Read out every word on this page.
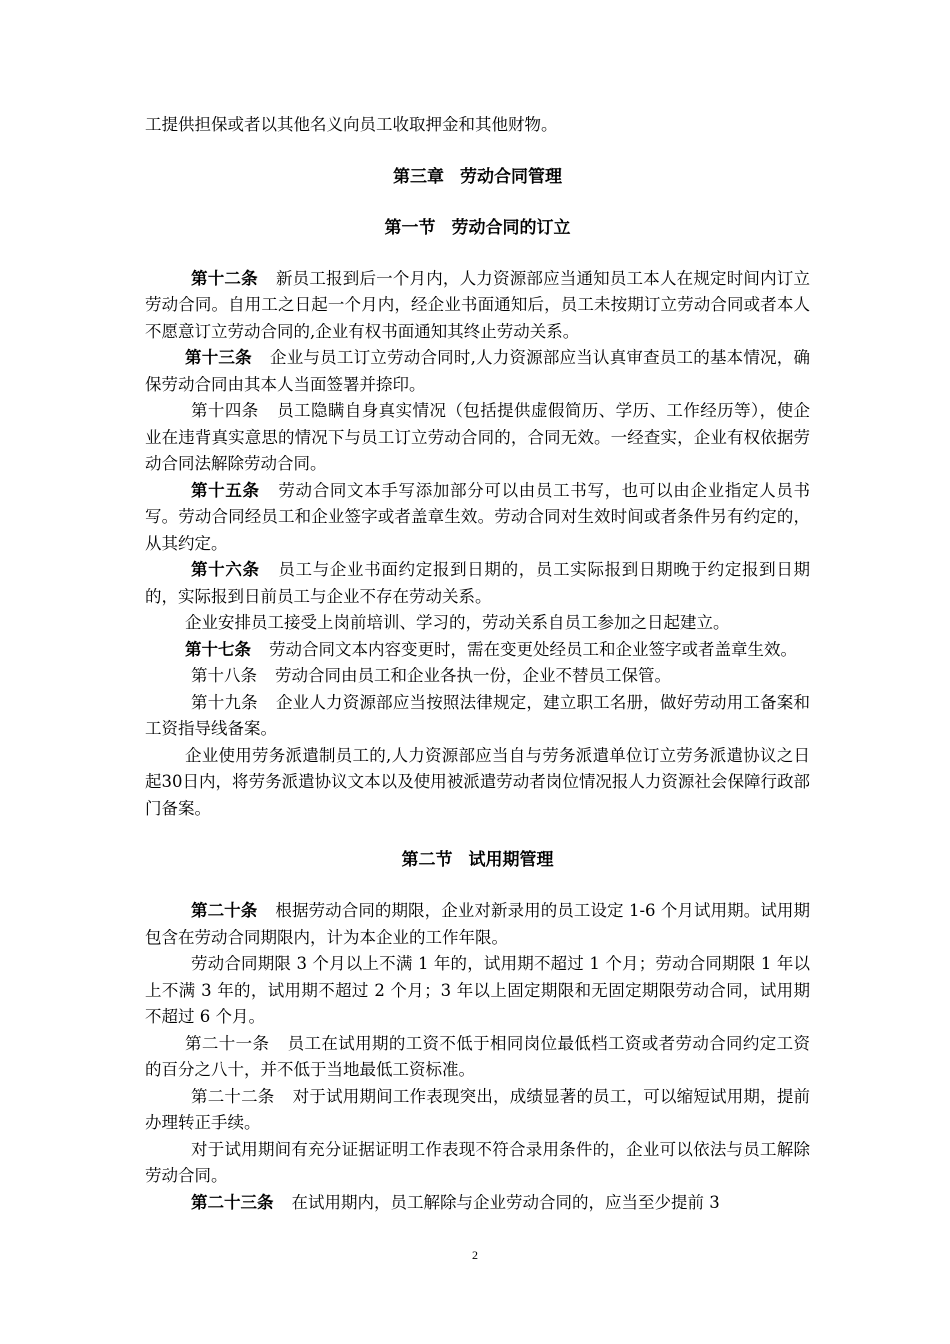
工提供担保或者以其他名义向员工收取押金和其他财物。

第三章 劳动合同管理
第一节 劳动合同的订立

第十二条 新员工报到后一个月内，人力资源部应当通知员工本人在规定时间内订立劳动合同。自用工之日起一个月内，经企业书面通知后，员工未按期订立劳动合同或者本人不愿意订立劳动合同的,企业有权书面通知其终止劳动关系。

第十三条 企业与员工订立劳动合同时,人力资源部应当认真审查员工的基本情况，确保劳动合同由其本人当面签署并捺印。

第十四条 员工隐瞒自身真实情况（包括提供虚假简历、学历、工作经历等），使企业在违背真实意思的情况下与员工订立劳动合同的，合同无效。一经查实，企业有权依据劳动合同法解除劳动合同。

第十五条 劳动合同文本手写添加部分可以由员工书写，也可以由企业指定人员书写。劳动合同经员工和企业签字或者盖章生效。劳动合同对生效时间或者条件另有约定的，从其约定。

第十六条 员工与企业书面约定报到日期的，员工实际报到日期晚于约定报到日期的，实际报到日前员工与企业不存在劳动关系。

企业安排员工接受上岗前培训、学习的，劳动关系自员工参加之日起建立。

第十七条 劳动合同文本内容变更时，需在变更处经员工和企业签字或者盖章生效。

第十八条 劳动合同由员工和企业各执一份，企业不替员工保管。

第十九条 企业人力资源部应当按照法律规定，建立职工名册，做好劳动用工备案和工资指导线备案。

企业使用劳务派遣制员工的,人力资源部应当自与劳务派遣单位订立劳务派遣协议之日起30日内，将劳务派遣协议文本以及使用被派遣劳动者岗位情况报人力资源社会保障行政部门备案。

第二节 试用期管理

第二十条 根据劳动合同的期限，企业对新录用的员工设定 1-6 个月试用期。试用期包含在劳动合同期限内，计为本企业的工作年限。

劳动合同期限 3 个月以上不满 1 年的，试用期不超过 1 个月；劳动合同期限 1 年以上不满 3 年的，试用期不超过 2 个月；3 年以上固定期限和无固定期限劳动合同，试用期不超过 6 个月。

第二十一条 员工在试用期的工资不低于相同岗位最低档工资或者劳动合同约定工资的百分之八十，并不低于当地最低工资标准。

第二十二条 对于试用期间工作表现突出，成绩显著的员工，可以缩短试用期，提前办理转正手续。

对于试用期间有充分证据证明工作表现不符合录用条件的，企业可以依法与员工解除劳动合同。

第二十三条 在试用期内，员工解除与企业劳动合同的，应当至少提前 3

2
